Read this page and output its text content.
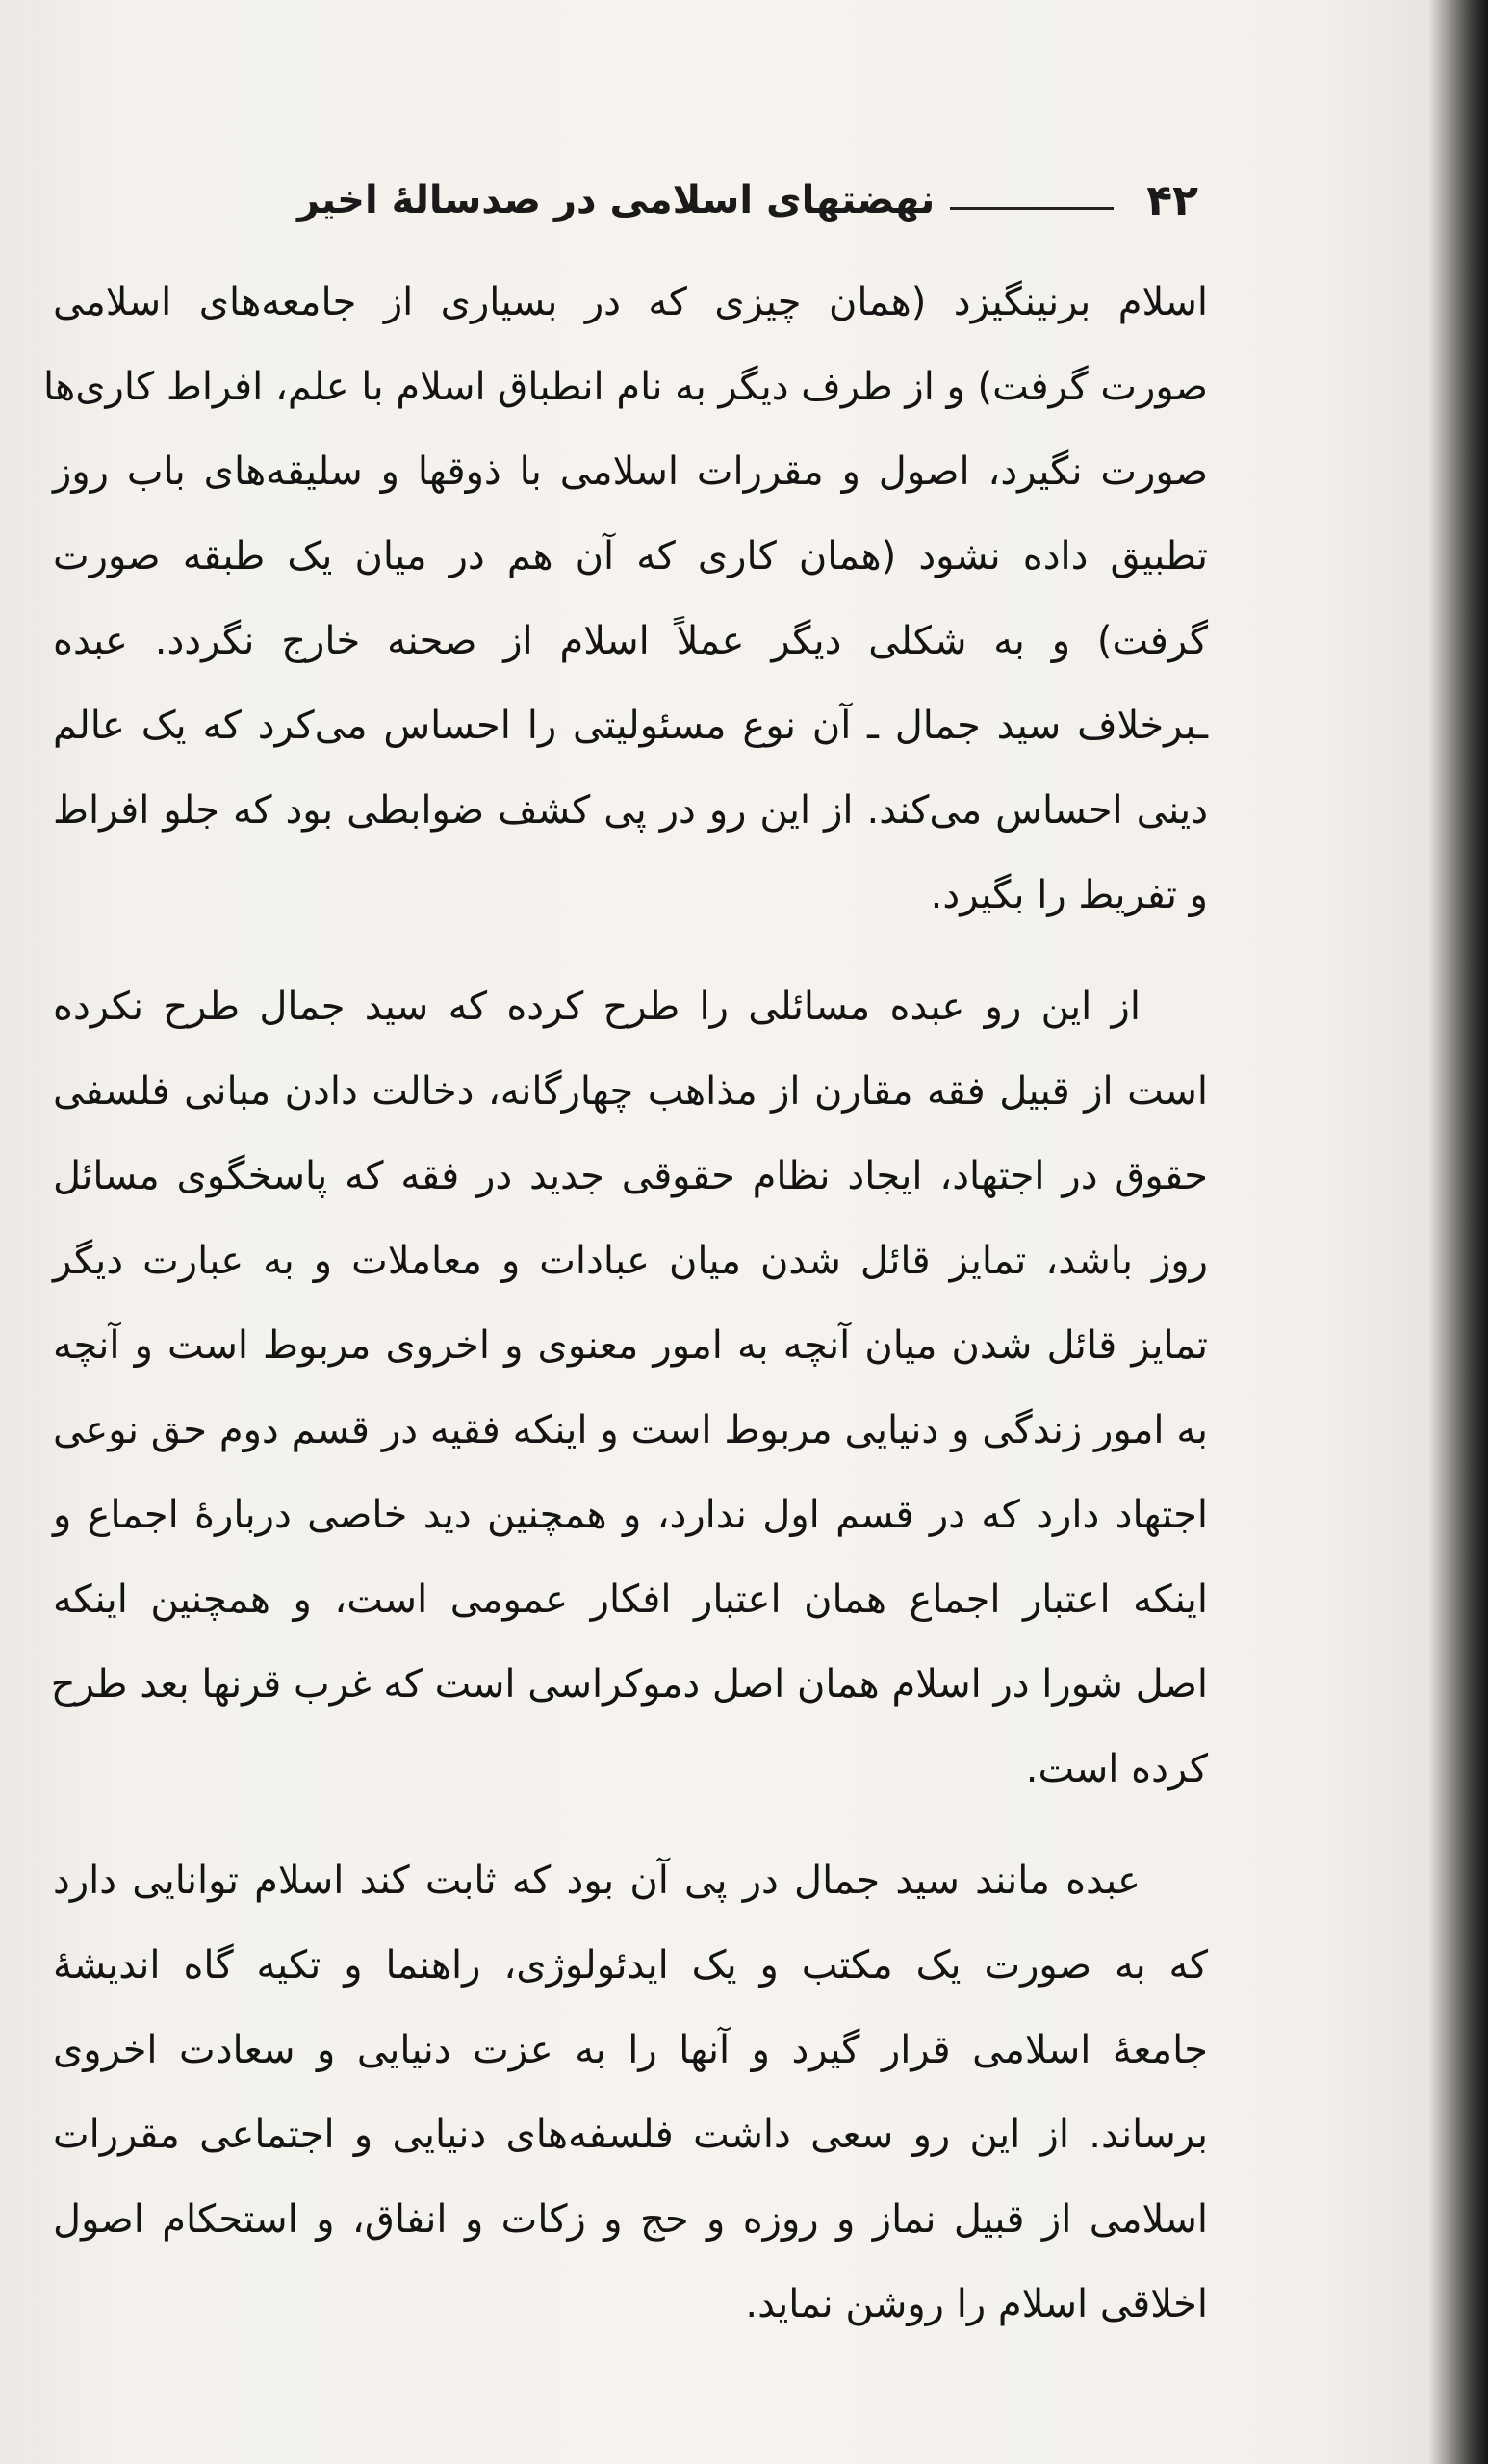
۴۲
نهضتهای اسلامی در صدسالهٔ اخیر
اسلام برنینگیزد (همان چیزی که در بسیاری از جامعه‌های اسلامی
صورت گرفت) و از طرف دیگر به نام انطباق اسلام با علم، افراط کاری‌ها
صورت نگیرد، اصول و مقررات اسلامی با ذوقها و سلیقه‌های باب روز
تطبیق داده نشود (همان کاری که آن هم در میان یک طبقه صورت
گرفت) و به شکلی دیگر عملاً اسلام از صحنه خارج نگردد. عبده
ـبرخلاف سید جمال ـ آن نوع مسئولیتی را احساس می‌کرد که یک عالم
دینی احساس می‌کند. از این رو در پی کشف ضوابطی بود که جلو افراط
و تفریط را بگیرد.
از این رو عبده مسائلی را طرح کرده که سید جمال طرح نکرده
است از قبیل فقه مقارن از مذاهب چهارگانه، دخالت دادن مبانی فلسفی
حقوق در اجتهاد، ایجاد نظام حقوقی جدید در فقه که پاسخگوی مسائل
روز باشد، تمایز قائل شدن میان عبادات و معاملات و به عبارت دیگر
تمایز قائل شدن میان آنچه به امور معنوی و اخروی مربوط است و آنچه
به امور زندگی و دنیایی مربوط است و اینکه فقیه در قسم دوم حق نوعی
اجتهاد دارد که در قسم اول ندارد، و همچنین دید خاصی دربارهٔ اجماع و
اینکه اعتبار اجماع همان اعتبار افکار عمومی است، و همچنین اینکه
اصل شورا در اسلام همان اصل دموکراسی است که غرب قرنها بعد طرح
کرده است.
عبده مانند سید جمال در پی آن بود که ثابت کند اسلام توانایی دارد
که به صورت یک مکتب و یک ایدئولوژی، راهنما و تکیه گاه اندیشهٔ
جامعهٔ اسلامی قرار گیرد و آنها را به عزت دنیایی و سعادت اخروی
برساند. از این رو سعی داشت فلسفه‌های دنیایی و اجتماعی مقررات
اسلامی از قبیل نماز و روزه و حج و زکات و انفاق، و استحکام اصول
اخلاقی اسلام را روشن نماید.
